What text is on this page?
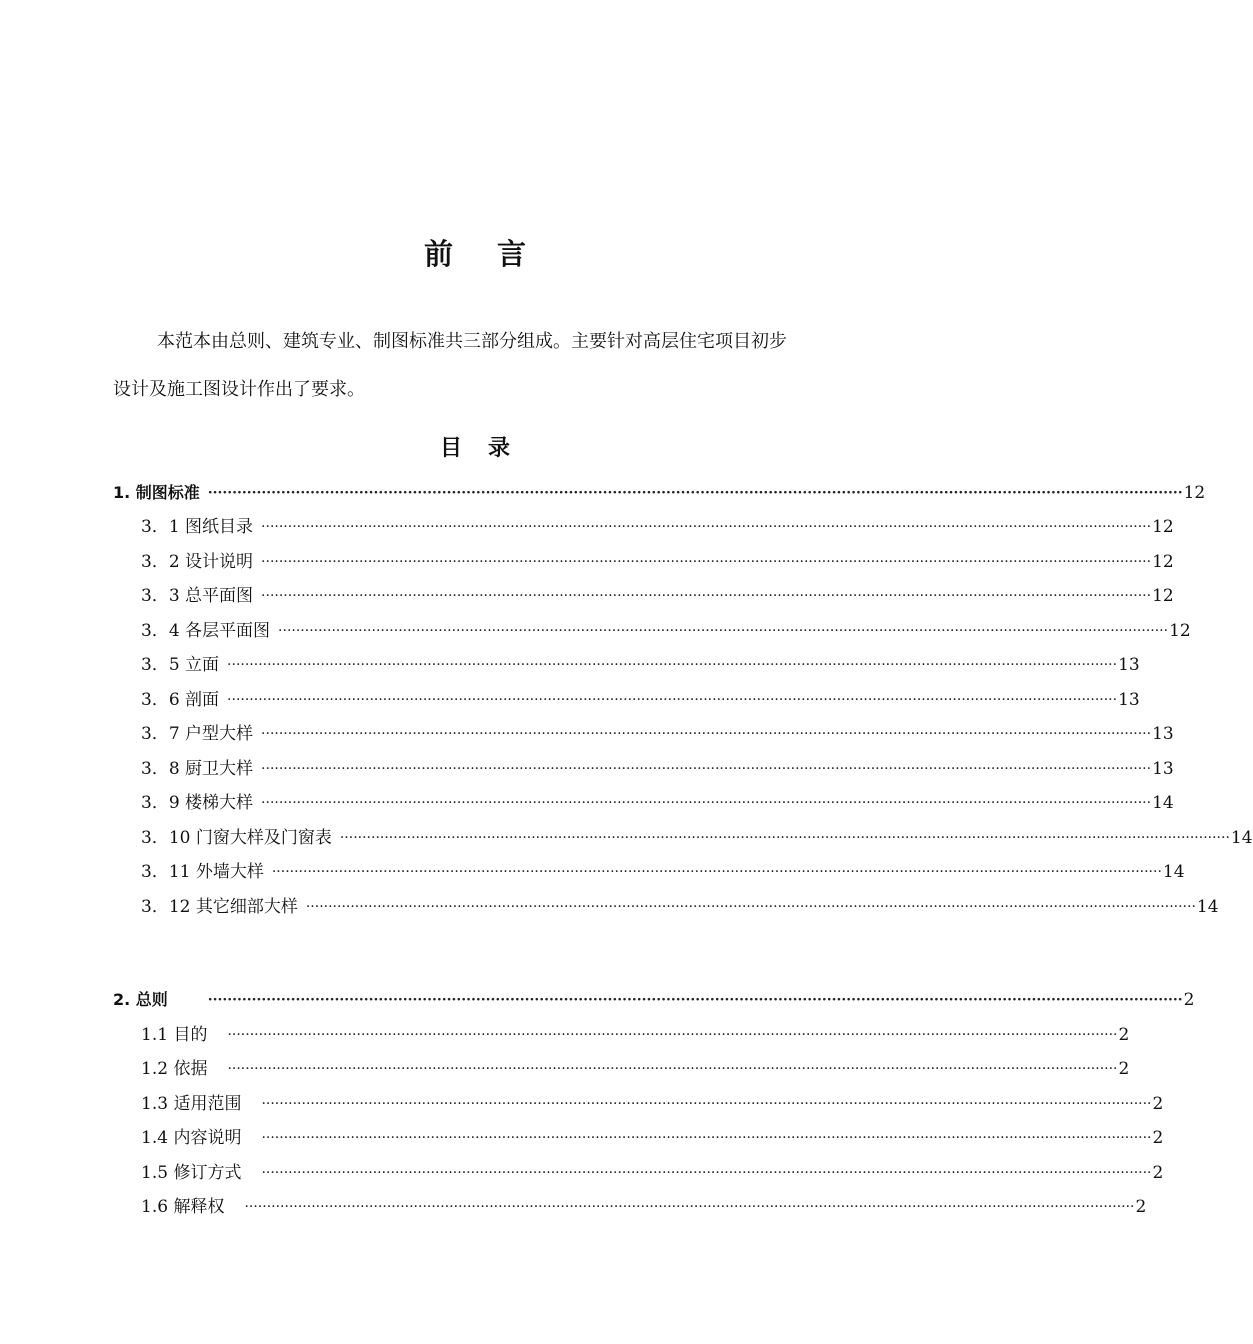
前言

本范本由总则、建筑专业、制图标准共三部分组成。主要针对高层住宅项目初步

设计及施工图设计作出了要求。
目录
1. 制图标准 ········································································································································································································ 12
3．1 图纸目录 ········································································································································································································ 12
3．2 设计说明 ········································································································································································································ 12
3．3 总平面图 ········································································································································································································ 12
3．4 各层平面图 ········································································································································································································ 12
3．5 立面 ········································································································································································································ 13
3．6 剖面 ········································································································································································································ 13
3．7 户型大样 ········································································································································································································ 13
3．8 厨卫大样 ········································································································································································································ 13
3．9 楼梯大样 ········································································································································································································ 14
3．10 门窗大样及门窗表 ········································································································································································································ 14
3．11 外墙大样 ········································································································································································································ 14
3．12 其它细部大样 ········································································································································································································ 14
2. 总则	········································································································································································································ 2
1.1 目的	········································································································································································································ 2
1.2 依据	········································································································································································································ 2
1.3 适用范围	········································································································································································································ 2
1.4 内容说明	········································································································································································································ 2
1.5 修订方式	········································································································································································································ 2
1.6 解释权	········································································································································································································ 2
